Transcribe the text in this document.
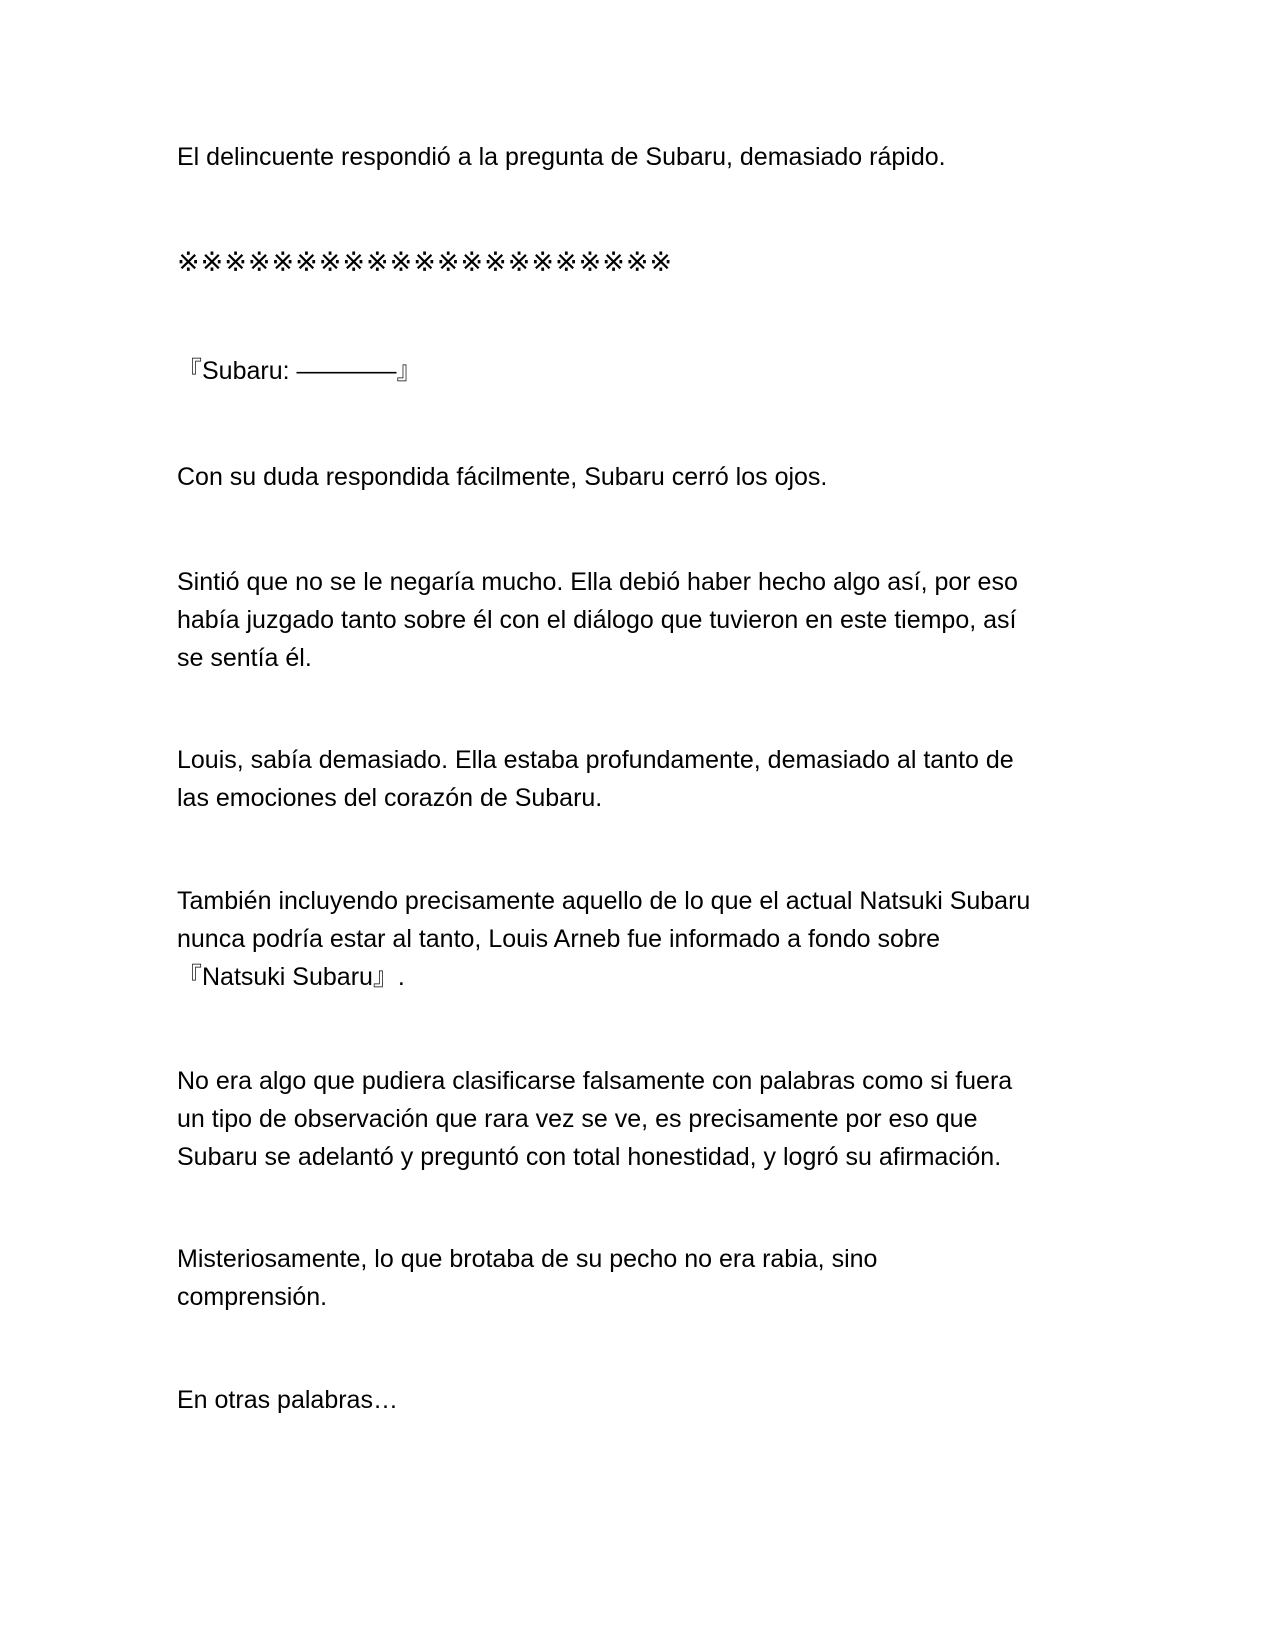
El delincuente respondió a la pregunta de Subaru, demasiado rápido.

※※※※※※※※※※※※※※※※※※※※※

『Subaru: ————』

Con su duda respondida fácilmente, Subaru cerró los ojos.

Sintió que no se le negaría mucho. Ella debió haber hecho algo así, por eso
había juzgado tanto sobre él con el diálogo que tuvieron en este tiempo, así
se sentía él.

Louis, sabía demasiado. Ella estaba profundamente, demasiado al tanto de
las emociones del corazón de Subaru.

También incluyendo precisamente aquello de lo que el actual Natsuki Subaru
nunca podría estar al tanto, Louis Arneb fue informado a fondo sobre
『Natsuki Subaru』.

No era algo que pudiera clasificarse falsamente con palabras como si fuera
un tipo de observación que rara vez se ve, es precisamente por eso que
Subaru se adelantó y preguntó con total honestidad, y logró su afirmación.

Misteriosamente, lo que brotaba de su pecho no era rabia, sino
comprensión.

En otras palabras…
